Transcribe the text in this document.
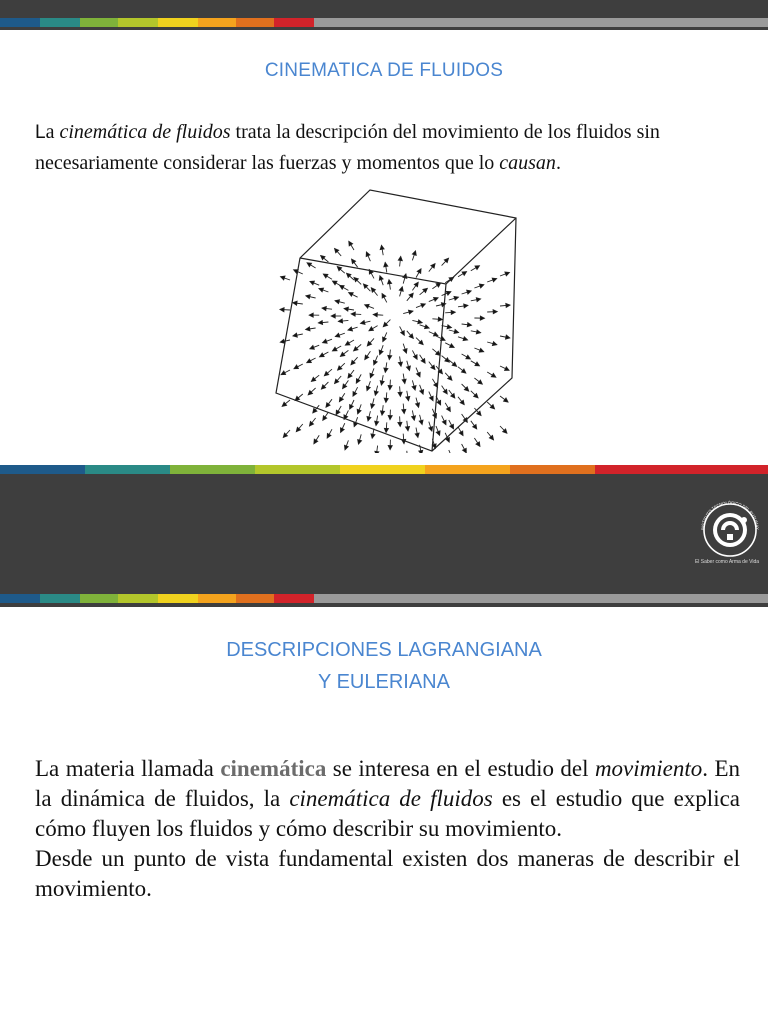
CINEMATICA DE FLUIDOS
La cinemática de fluidos trata la descripción del movimiento de los fluidos sin necesariamente considerar las fuerzas y momentos que lo causan.
INSTITUTO TECNOLÓGICO DEL PUTUMAY
El Saber como Arma de Vida
DESCRIPCIONES LAGRANGIANA
Y EULERIANA

La materia llamada cinemática se interesa en el estudio del movimiento. En la dinámica de fluidos, la cinemática de fluidos es el estudio que explica cómo fluyen los fluidos y cómo describir su movimiento.

Desde un punto de vista fundamental existen dos maneras de describir el movimiento.
